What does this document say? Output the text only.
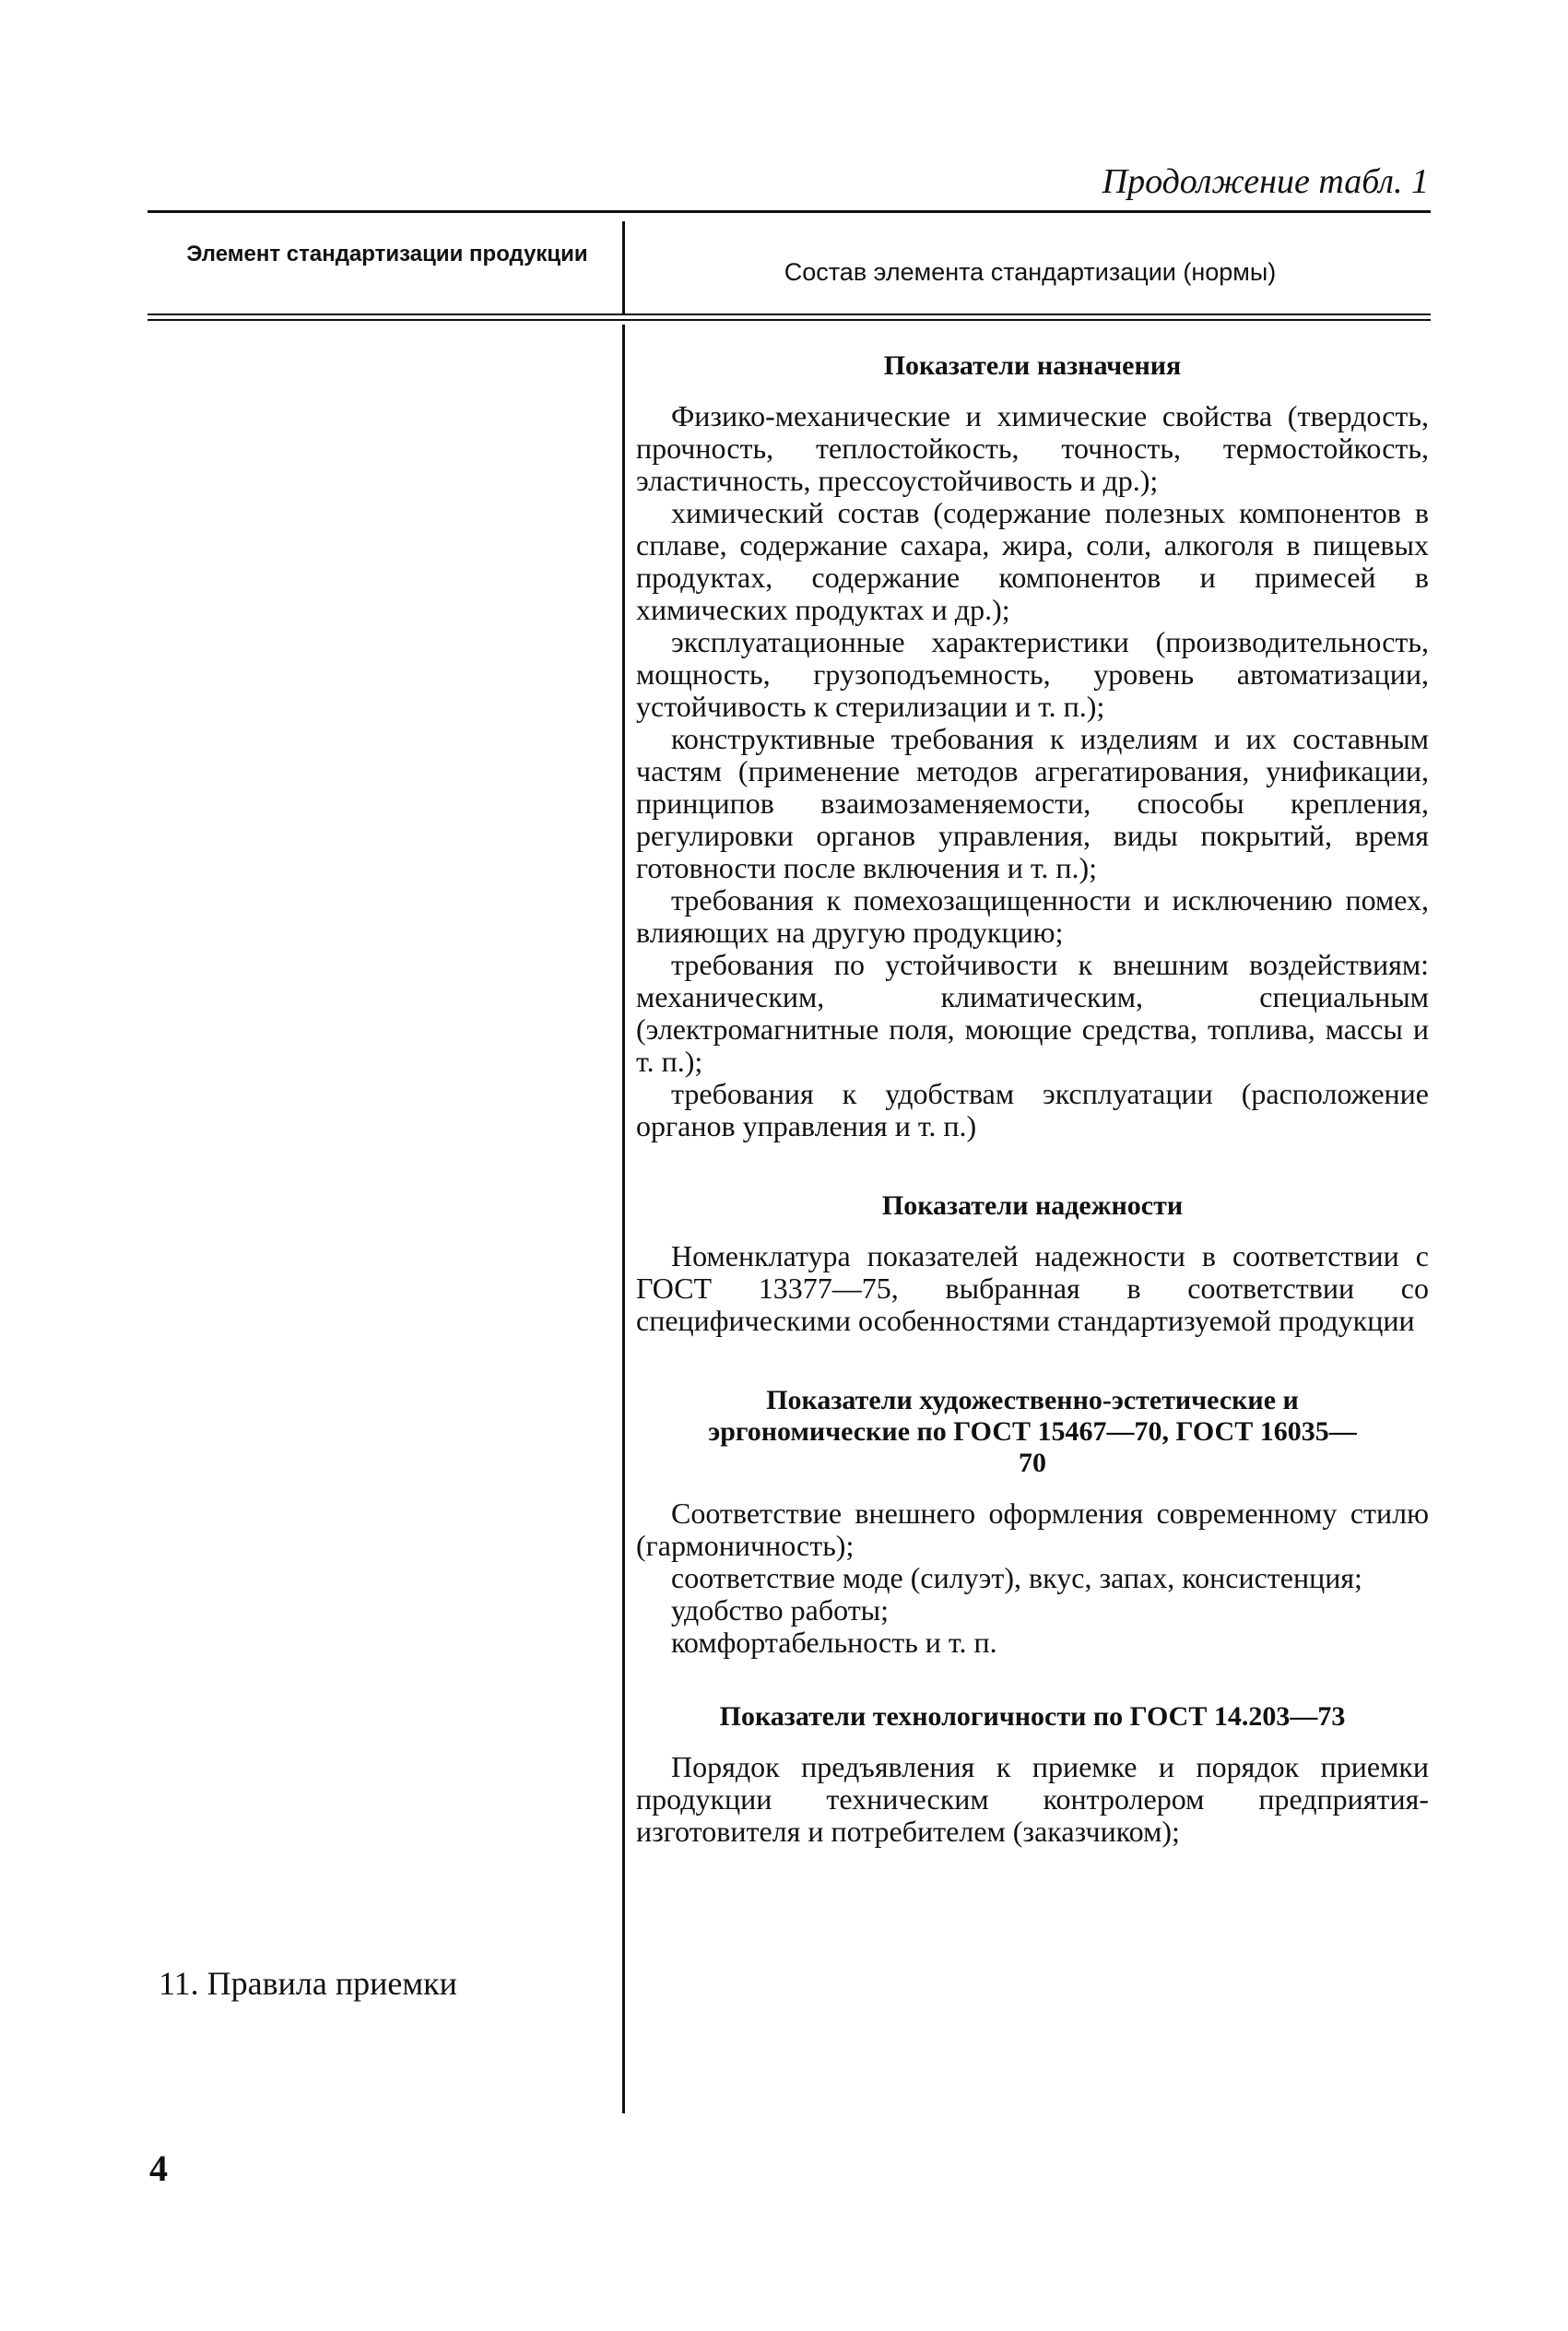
Продолжение табл. 1
Элемент стандартизации продукции
Состав элемента стандартизации (нормы)

Показатели назначения

Физико-механические и химические свойства (твердость, прочность, теплостойкость, точность, термостойкость, эластичность, прессоустойчивость и др.);

химический состав (содержание полезных компонентов в сплаве, содержание сахара, жира, соли, алкоголя в пищевых продуктах, содержание компонентов и примесей в химических продуктах и др.);

эксплуатационные характеристики (производительность, мощность, грузоподъемность, уровень автоматизации, устойчивость к стерилизации и т. п.);

конструктивные требования к изделиям и их составным частям (применение методов агрегатирования, унификации, принципов взаимозаменяемости, способы крепления, регулировки органов управления, виды покрытий, время готовности после включения и т. п.);

требования к помехозащищенности и исключению помех, влияющих на другую продукцию;

требования по устойчивости к внешним воздействиям: механическим, климатическим, специальным (электромагнитные поля, моющие средства, топлива, массы и т. п.);

требования к удобствам эксплуатации (расположение органов управления и т. п.)

Показатели надежности

Номенклатура показателей надежности в соответствии с ГОСТ 13377—75, выбранная в соответствии со специфическими особенностями стандартизуемой продукции

Показатели художественно-эстетические и эргономические по ГОСТ 15467—70, ГОСТ 16035—70

Соответствие внешнего оформления современному стилю (гармоничность);

соответствие моде (силуэт), вкус, запах, консистенция;

удобство работы;

комфортабельность и т. п.

Показатели технологичности по ГОСТ 14.203—73

Порядок предъявления к приемке и порядок приемки продукции техническим контролером предприятия-изготовителя и потребителем (заказчиком);

11. Правила приемки
4
